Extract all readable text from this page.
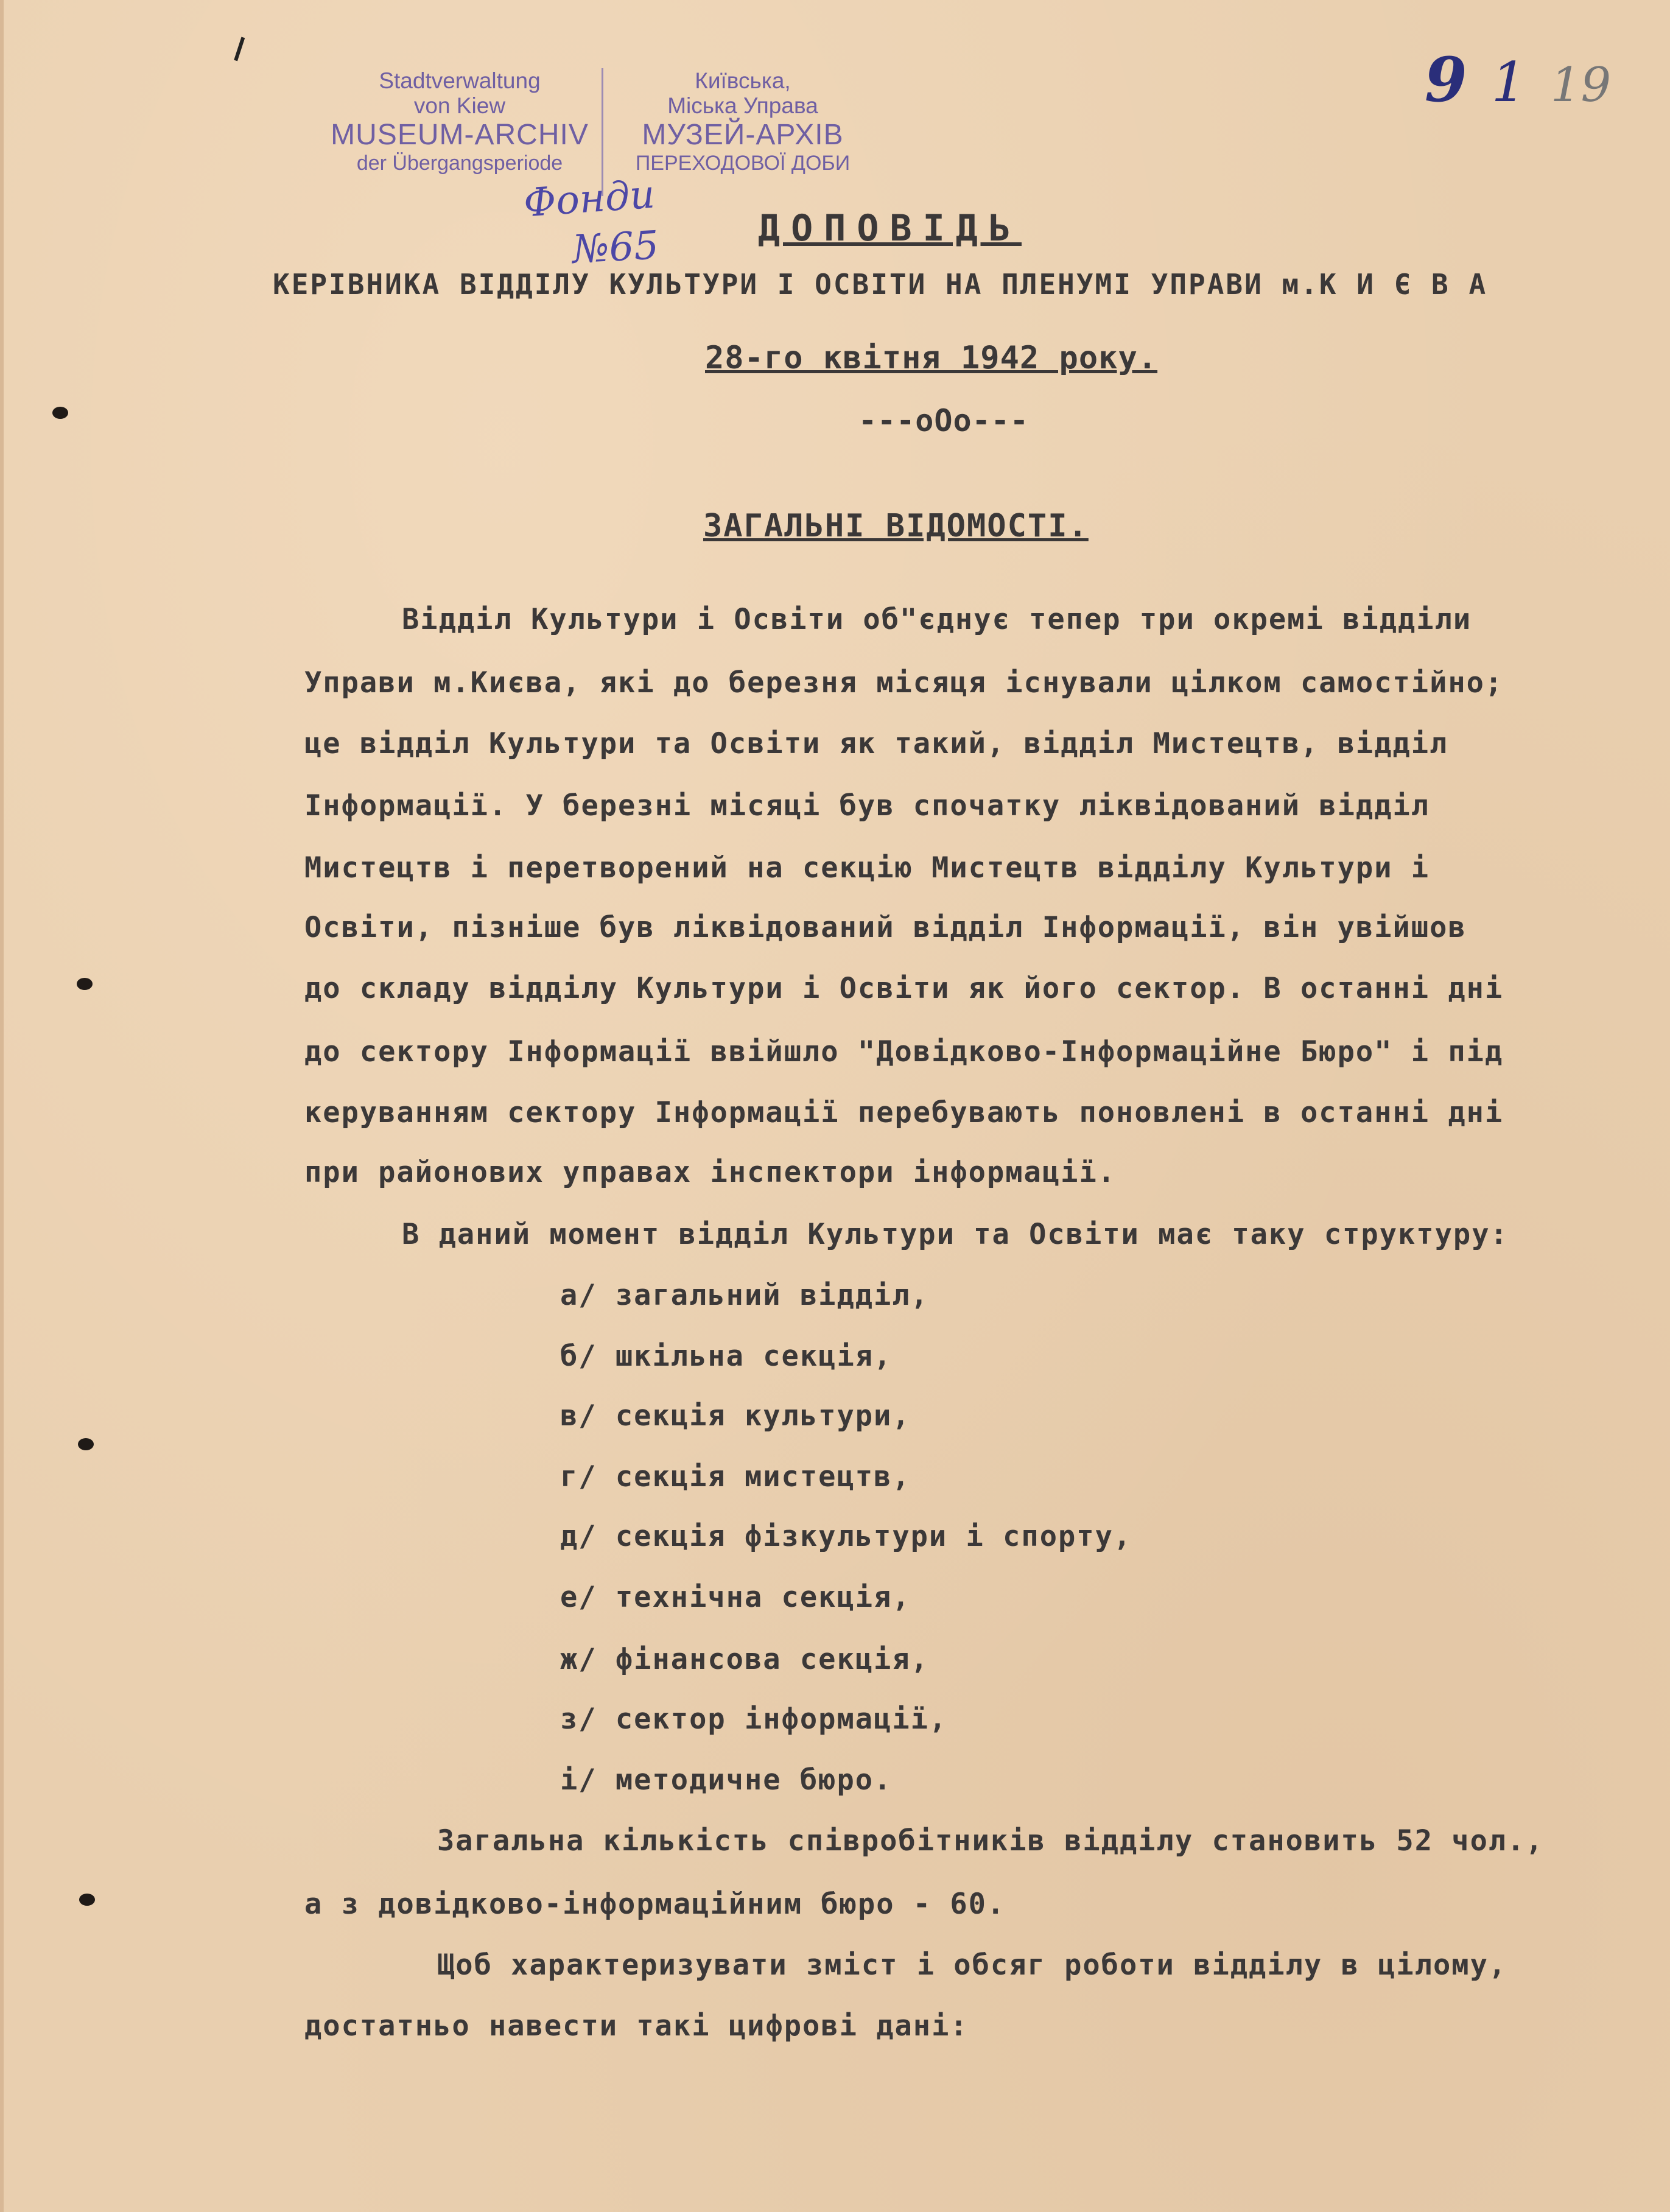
Stadtverwaltung
von Kiew
MUSEUM-ARCHIV
der Übergangsperiode
Київська,
Міська Управа
МУЗЕЙ-АРХІВ
ПЕРЕХОДОВОЇ ДОБИ
Фонди
№65
9 1 19
ДОПОВІДЬ
КЕРІВНИКА ВІДДІЛУ КУЛЬТУРИ І ОСВІТИ НА ПЛЕНУМІ УПРАВИ м.К И Є В А
28-го квітня 1942 року.
---oOo---
ЗАГАЛЬНІ ВІДОМОСТІ.
Відділ Культури і Освіти об"єднує тепер три окремі відділи
Управи м.Києва, які до березня місяця існували цілком самостійно;
це відділ Культури та Освіти як такий, відділ Мистецтв, відділ
Інформації. У березні місяці був спочатку ліквідований відділ
Мистецтв і перетворений на секцію Мистецтв відділу Культури і
Освіти, пізніше був ліквідований відділ Інформації, він увійшов
до складу відділу Культури і Освіти як його сектор. В останні дні
до сектору Інформації ввійшло "Довідково-Інформаційне Бюро" і під
керуванням сектору Інформації перебувають поновлені в останні дні
при районових управах інспектори інформації.
В даний момент відділ Культури та Освіти має таку структуру:
а/ загальний відділ,
б/ шкільна секція,
в/ секція культури,
г/ секція мистецтв,
д/ секція фізкультури і спорту,
е/ технічна секція,
ж/ фінансова секція,
з/ сектор інформації,
і/ методичне бюро.
Загальна кількість співробітників відділу становить 52 чол.,
а з довідково-інформаційним бюро - 60.
Щоб характеризувати зміст і обсяг роботи відділу в цілому,
достатньо навести такі цифрові дані:
